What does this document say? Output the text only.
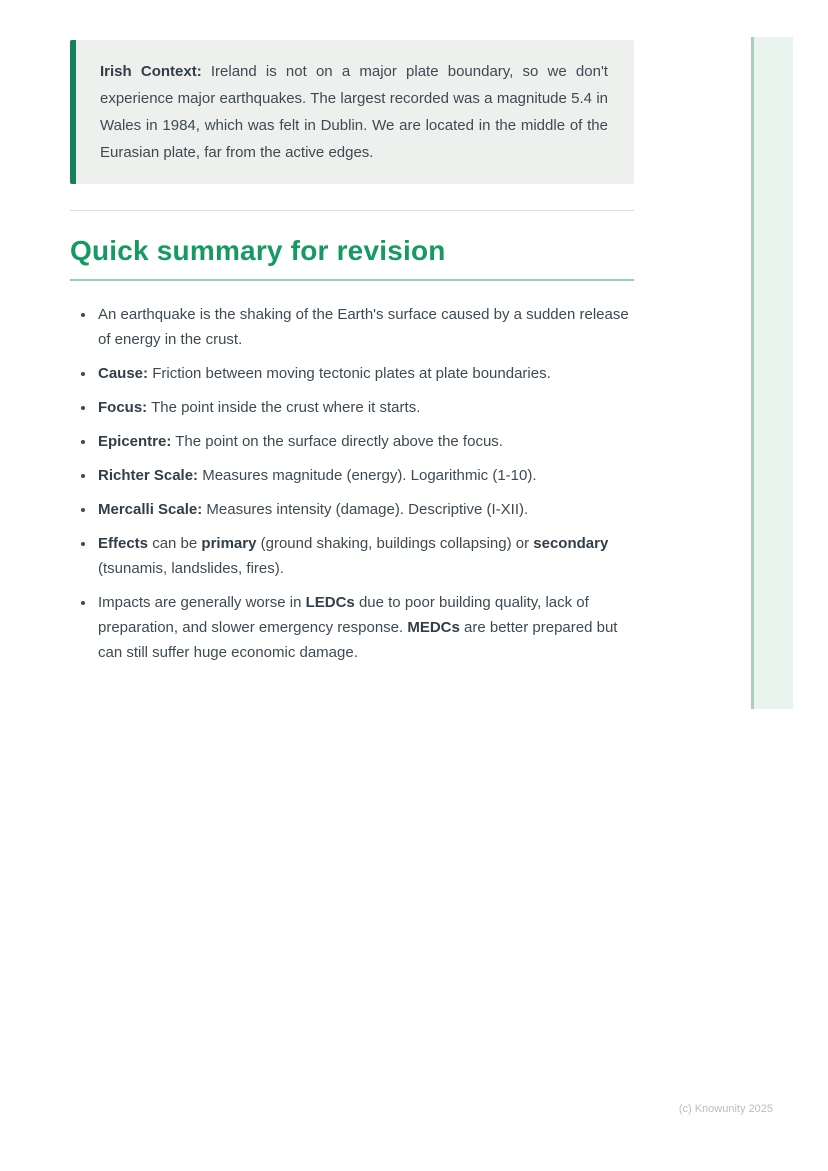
Irish Context: Ireland is not on a major plate boundary, so we don't experience major earthquakes. The largest recorded was a magnitude 5.4 in Wales in 1984, which was felt in Dublin. We are located in the middle of the Eurasian plate, far from the active edges.

Quick summary for revision
• An earthquake is the shaking of the Earth's surface caused by a sudden release of energy in the crust.
• Cause: Friction between moving tectonic plates at plate boundaries.
• Focus: The point inside the crust where it starts.
• Epicentre: The point on the surface directly above the focus.
• Richter Scale: Measures magnitude (energy). Logarithmic (1-10).
• Mercalli Scale: Measures intensity (damage). Descriptive (I-XII).
• Effects can be primary (ground shaking, buildings collapsing) or secondary (tsunamis, landslides, fires).
• Impacts are generally worse in LEDCs due to poor building quality, lack of preparation, and slower emergency response. MEDCs are better prepared but can still suffer huge economic damage.
(c) Knowunity 2025
